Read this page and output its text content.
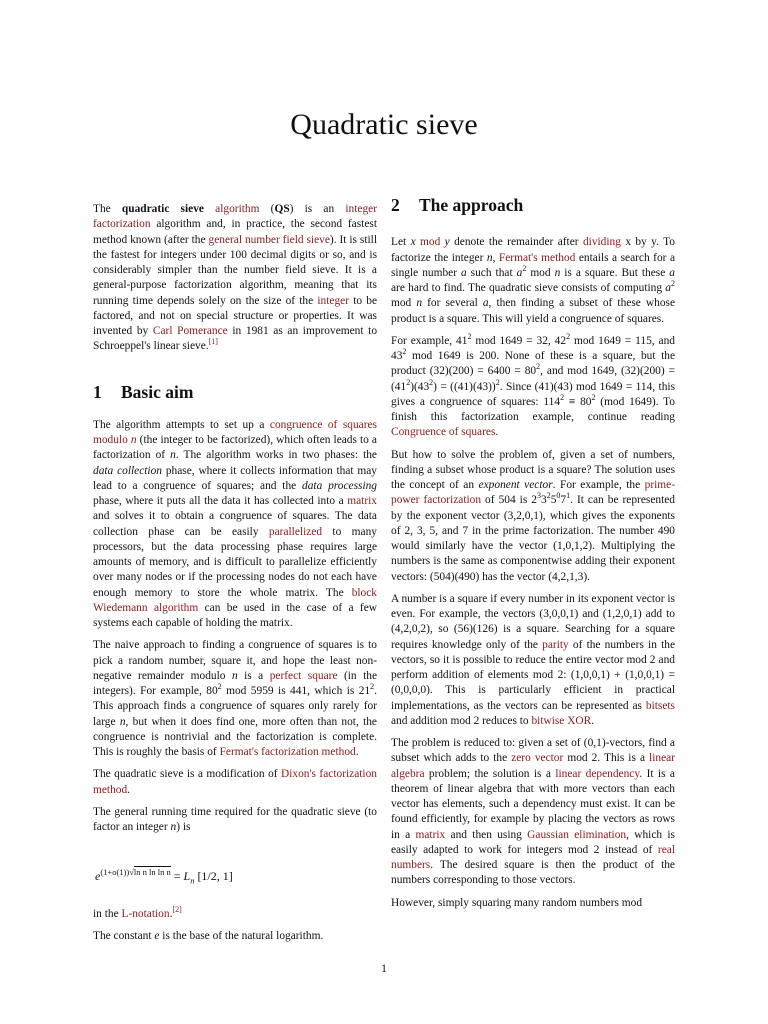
Quadratic sieve

The quadratic sieve algorithm (QS) is an integer factorization algorithm and, in practice, the second fastest method known (after the general number field sieve). It is still the fastest for integers under 100 decimal digits or so, and is considerably simpler than the number field sieve. It is a general-purpose factorization algorithm, meaning that its running time depends solely on the size of the integer to be factored, and not on special structure or properties. It was invented by Carl Pomerance in 1981 as an improvement to Schroeppel's linear sieve.[1]

1 Basic aim

The algorithm attempts to set up a congruence of squares modulo n (the integer to be factorized), which often leads to a factorization of n. The algorithm works in two phases: the data collection phase, where it collects information that may lead to a congruence of squares; and the data processing phase, where it puts all the data it has collected into a matrix and solves it to obtain a congruence of squares. The data collection phase can be easily parallelized to many processors, but the data processing phase requires large amounts of memory, and is difficult to parallelize efficiently over many nodes or if the processing nodes do not each have enough memory to store the whole matrix. The block Wiedemann algorithm can be used in the case of a few systems each capable of holding the matrix.

The naive approach to finding a congruence of squares is to pick a random number, square it, and hope the least non-negative remainder modulo n is a perfect square (in the integers). For example, $80^2$ mod 5959 is 441, which is $21^2$. This approach finds a congruence of squares only rarely for large n, but when it does find one, more often than not, the congruence is nontrivial and the factorization is complete. This is roughly the basis of Fermat's factorization method.

The quadratic sieve is a modification of Dixon's factorization method.

The general running time required for the quadratic sieve (to factor an integer n) is

$e^{(1+o(1))√ln n ln ln n} = L_n$ [1/2, 1]

in the L-notation.[2]

The constant e is the base of the natural logarithm.

2 The approach

Let x mod y denote the remainder after dividing x by y. To factorize the integer n, Fermat's method entails a search for a single number a such that $a^2$ mod n is a square. But these a are hard to find. The quadratic sieve consists of computing $a^2$ mod n for several a, then finding a subset of these whose product is a square. This will yield a congruence of squares.

For example, $41^2$ mod 1649 = 32, $42^2$ mod 1649 = 115, and $43^2$ mod 1649 is 200. None of these is a square, but the product $(32)(200) = 6400 = 80^2$, and mod 1649, $(32)(200) = (41^2)(43^2) = ((41)(43))^2$. Since (41)(43) mod 1649 = 114, this gives a congruence of squares: $114^2 \equiv 80^2$ (mod 1649). To finish this factorization example, continue reading Congruence of squares.

But how to solve the problem of, given a set of numbers, finding a subset whose product is a square? The solution uses the concept of an exponent vector. For example, the prime-power factorization of 504 is $2^33^25^07^1$. It can be represented by the exponent vector (3,2,0,1), which gives the exponents of 2, 3, 5, and 7 in the prime factorization. The number 490 would similarly have the vector (1,0,1,2). Multiplying the numbers is the same as componentwise adding their exponent vectors: (504)(490) has the vector (4,2,1,3).

A number is a square if every number in its exponent vector is even. For example, the vectors (3,0,0,1) and (1,2,0,1) add to (4,2,0,2), so (56)(126) is a square. Searching for a square requires knowledge only of the parity of the numbers in the vectors, so it is possible to reduce the entire vector mod 2 and perform addition of elements mod 2: (1,0,0,1) + (1,0,0,1) = (0,0,0,0). This is particularly efficient in practical implementations, as the vectors can be represented as bitsets and addition mod 2 reduces to bitwise XOR.

The problem is reduced to: given a set of (0,1)-vectors, find a subset which adds to the zero vector mod 2. This is a linear algebra problem; the solution is a linear dependency. It is a theorem of linear algebra that with more vectors than each vector has elements, such a dependency must exist. It can be found efficiently, for example by placing the vectors as rows in a matrix and then using Gaussian elimination, which is easily adapted to work for integers mod 2 instead of real numbers. The desired square is then the product of the numbers corresponding to those vectors.

However, simply squaring many random numbers mod

1
